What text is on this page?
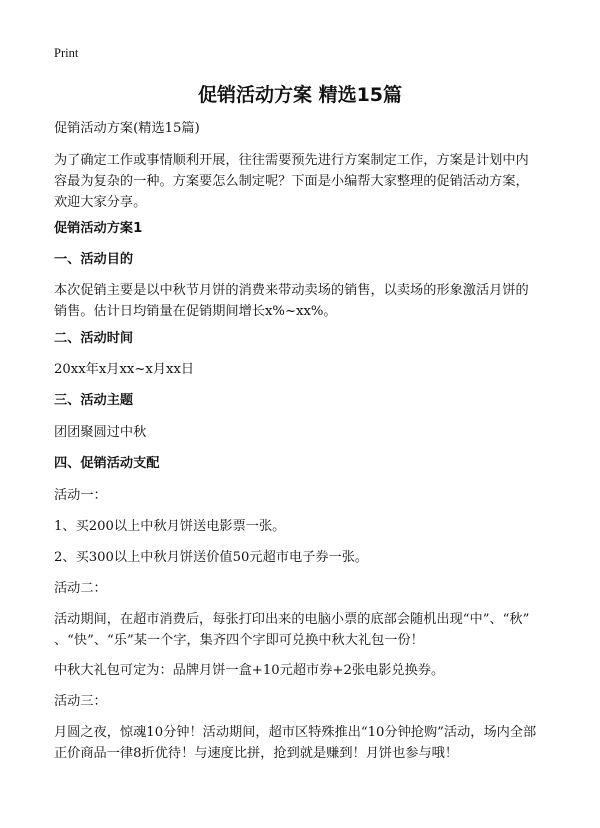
Print
促销活动方案 精选15篇
促销活动方案(精选15篇)
为了确定工作或事情顺利开展，往往需要预先进行方案制定工作，方案是计划中内
容最为复杂的一种。方案要怎么制定呢？下面是小编帮大家整理的促销活动方案，
欢迎大家分享。
促销活动方案1
一、活动目的
本次促销主要是以中秋节月饼的消费来带动卖场的销售，以卖场的形象激活月饼的
销售。估计日均销量在促销期间增长x%~xx%。
二、活动时间
20xx年x月xx~x月xx日
三、活动主题
团团聚圆过中秋
四、促销活动支配
活动一：
1、买200以上中秋月饼送电影票一张。
2、买300以上中秋月饼送价值50元超市电子券一张。
活动二：
活动期间，在超市消费后，每张打印出来的电脑小票的底部会随机出现“中”、“秋”
、“快”、“乐”某一个字，集齐四个字即可兑换中秋大礼包一份！
中秋大礼包可定为：品牌月饼一盒+10元超市券+2张电影兑换券。
活动三：
月圆之夜，惊魂10分钟！活动期间，超市区特殊推出“10分钟抢购”活动，场内全部
正价商品一律8折优待！与速度比拼，抢到就是赚到！月饼也参与哦！
